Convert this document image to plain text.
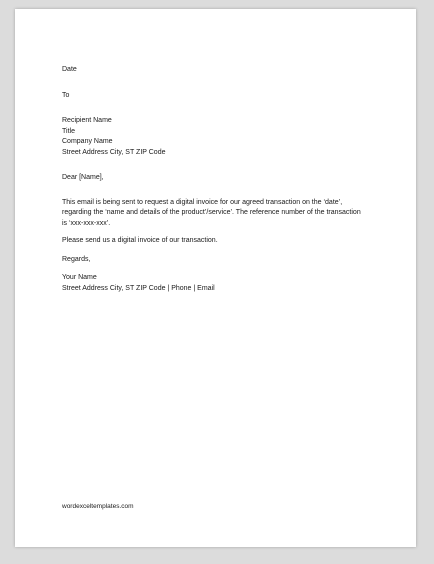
Date
To
Recipient Name
Title
Company Name
Street Address City, ST ZIP Code
Dear [Name],
This email is being sent to request a digital invoice for our agreed transaction on the ‘date’, regarding the ‘name and details of the product’/service’. The reference number of the transaction is ‘xxx-xxx-xxx’.
Please send us a digital invoice of our transaction.
Regards,
Your Name
Street Address City, ST ZIP Code | Phone | Email
wordexceltemplates.com
